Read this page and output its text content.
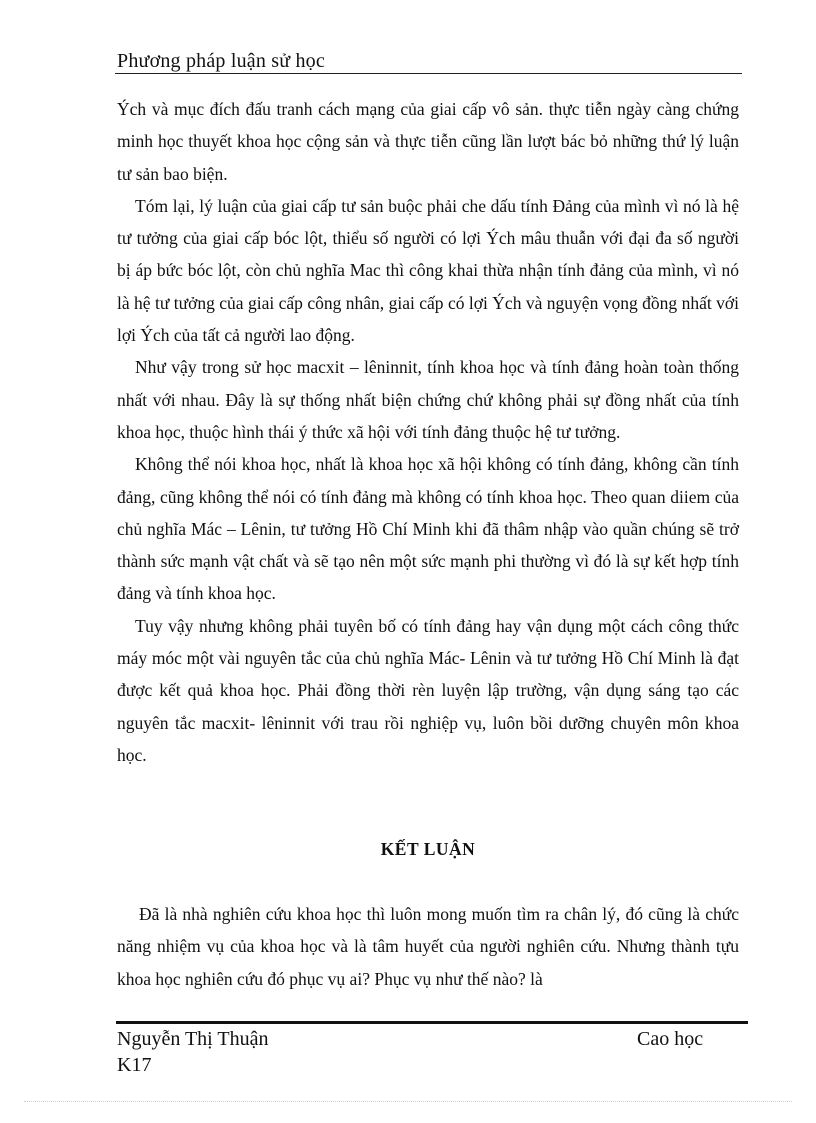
Phương pháp luận sử học

Ých và mục đích đấu tranh cách mạng của giai cấp vô sản. thực tiễn ngày càng chứng minh học thuyết khoa học cộng sản và thực tiễn cũng lần lượt bác bỏ những thứ lý luận tư sản bao biện.

Tóm lại, lý luận của giai cấp tư sản buộc phải che dấu tính Đảng của mình vì nó là hệ tư tưởng của giai cấp bóc lột, thiểu số người có lợi Ých mâu thuẫn với đại đa số người bị áp bức bóc lột, còn chủ nghĩa Mac thì công khai thừa nhận tính đảng của mình, vì nó là hệ tư tưởng của giai cấp công nhân, giai cấp có lợi Ých và nguyện vọng đồng nhất với lợi Ých của tất cả người lao động.

Như vậy trong sử học macxit – lêninnit, tính khoa học và tính đảng hoàn toàn thống nhất với nhau. Đây là sự thống nhất biện chứng chứ không phải sự đồng nhất của tính khoa học, thuộc hình thái ý thức xã hội với tính đảng thuộc hệ tư tưởng.

Không thể nói khoa học, nhất là khoa học xã hội không có tính đảng, không cần tính đảng, cũng không thể nói có tính đảng mà không có tính khoa học. Theo quan diiem của chủ nghĩa Mác – Lênin, tư tưởng Hồ Chí Minh khi đã thâm nhập vào quần chúng sẽ trở thành sức mạnh vật chất và sẽ tạo nên một sức mạnh phi thường vì đó là sự kết hợp tính đảng và tính khoa học.

Tuy vậy nhưng không phải tuyên bố có tính đảng hay vận dụng một cách công thức máy móc một vài nguyên tắc của chủ nghĩa Mác- Lênin và tư tưởng Hồ Chí Minh là đạt được kết quả khoa học. Phải đồng thời rèn luyện lập trường, vận dụng sáng tạo các nguyên tắc macxit- lêninnit với trau rồi nghiệp vụ, luôn bồi dưỡng chuyên môn khoa học.

KẾT LUẬN

Đã là nhà nghiên cứu khoa học thì luôn mong muốn tìm ra chân lý, đó cũng là chức năng nhiệm vụ của khoa học và là tâm huyết của người nghiên cứu. Nhưng thành tựu khoa học nghiên cứu đó phục vụ ai? Phục vụ như thế nào? là

Nguyễn Thị Thuận	Cao học
K17
